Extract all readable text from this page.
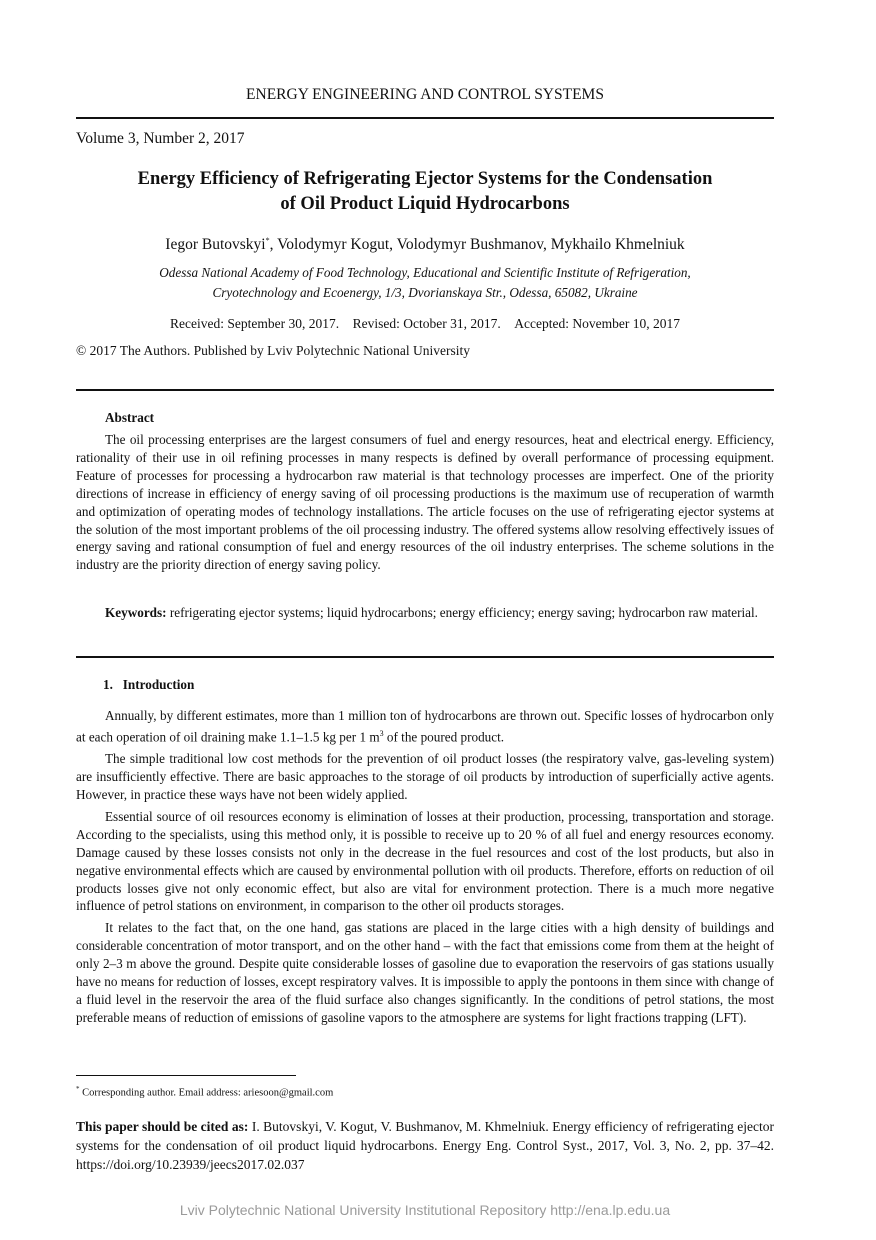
ENERGY ENGINEERING AND CONTROL SYSTEMS
Volume 3, Number 2, 2017
Energy Efficiency of Refrigerating Ejector Systems for the Condensation
of Oil Product Liquid Hydrocarbons
Iegor Butovskyi*, Volodymyr Kogut, Volodymyr Bushmanov, Mykhailo Khmelniuk
Odessa National Academy of Food Technology, Educational and Scientific Institute of Refrigeration,
Cryotechnology and Ecoenergy, 1/3, Dvorianskaya Str., Odessa, 65082, Ukraine
Received: September 30, 2017. Revised: October 31, 2017. Accepted: November 10, 2017
© 2017 The Authors. Published by Lviv Polytechnic National University
Abstract

The oil processing enterprises are the largest consumers of fuel and energy resources, heat and electrical energy. Efficiency, rationality of their use in oil refining processes in many respects is defined by overall performance of processing equipment. Feature of processes for processing a hydrocarbon raw material is that technology processes are imperfect. One of the priority directions of increase in efficiency of energy saving of oil processing productions is the maximum use of recuperation of warmth and optimization of operating modes of technology installations. The article focuses on the use of refrigerating ejector systems at the solution of the most important problems of the oil processing industry. The offered systems allow resolving effectively issues of energy saving and rational consumption of fuel and energy resources of the oil industry enterprises. The scheme solutions in the industry are the priority direction of energy saving policy.

Keywords: refrigerating ejector systems; liquid hydrocarbons; energy efficiency; energy saving; hydrocarbon raw material.

1.   Introduction

Annually, by different estimates, more than 1 million ton of hydrocarbons are thrown out. Specific losses of hydrocarbon only at each operation of oil draining make 1.1–1.5 kg per 1 $m^3$ of the poured product.

The simple traditional low cost methods for the prevention of oil product losses (the respiratory valve, gas-leveling system) are insufficiently effective. There are basic approaches to the storage of oil products by introduction of superficially active agents. However, in practice these ways have not been widely applied.

Essential source of oil resources economy is elimination of losses at their production, processing, transportation and storage. According to the specialists, using this method only, it is possible to receive up to 20 % of all fuel and energy resources economy. Damage caused by these losses consists not only in the decrease in the fuel resources and cost of the lost products, but also in negative environmental effects which are caused by environmental pollution with oil products. Therefore, efforts on reduction of oil products losses give not only economic effect, but also are vital for environment protection. There is a much more negative influence of petrol stations on environment, in comparison to the other oil products storages.

It relates to the fact that, on the one hand, gas stations are placed in the large cities with a high density of buildings and considerable concentration of motor transport, and on the other hand – with the fact that emissions come from them at the height of only 2–3 m above the ground. Despite quite considerable losses of gasoline due to evaporation the reservoirs of gas stations usually have no means for reduction of losses, except respiratory valves. It is impossible to apply the pontoons in them since with change of a fluid level in the reservoir the area of the fluid surface also changes significantly. In the conditions of petrol stations, the most preferable means of reduction of emissions of gasoline vapors to the atmosphere are systems for light fractions trapping (LFT).

* Corresponding author. Email address: ariesoon@gmail.com

This paper should be cited as: I. Butovskyi, V. Kogut, V. Bushmanov, M. Khmelniuk. Energy efficiency of refrigerating ejector systems for the condensation of oil product liquid hydrocarbons. Energy Eng. Control Syst., 2017, Vol. 3, No. 2, pp. 37–42. https://doi.org/10.23939/jeecs2017.02.037

Lviv Polytechnic National University Institutional Repository http://ena.lp.edu.ua
